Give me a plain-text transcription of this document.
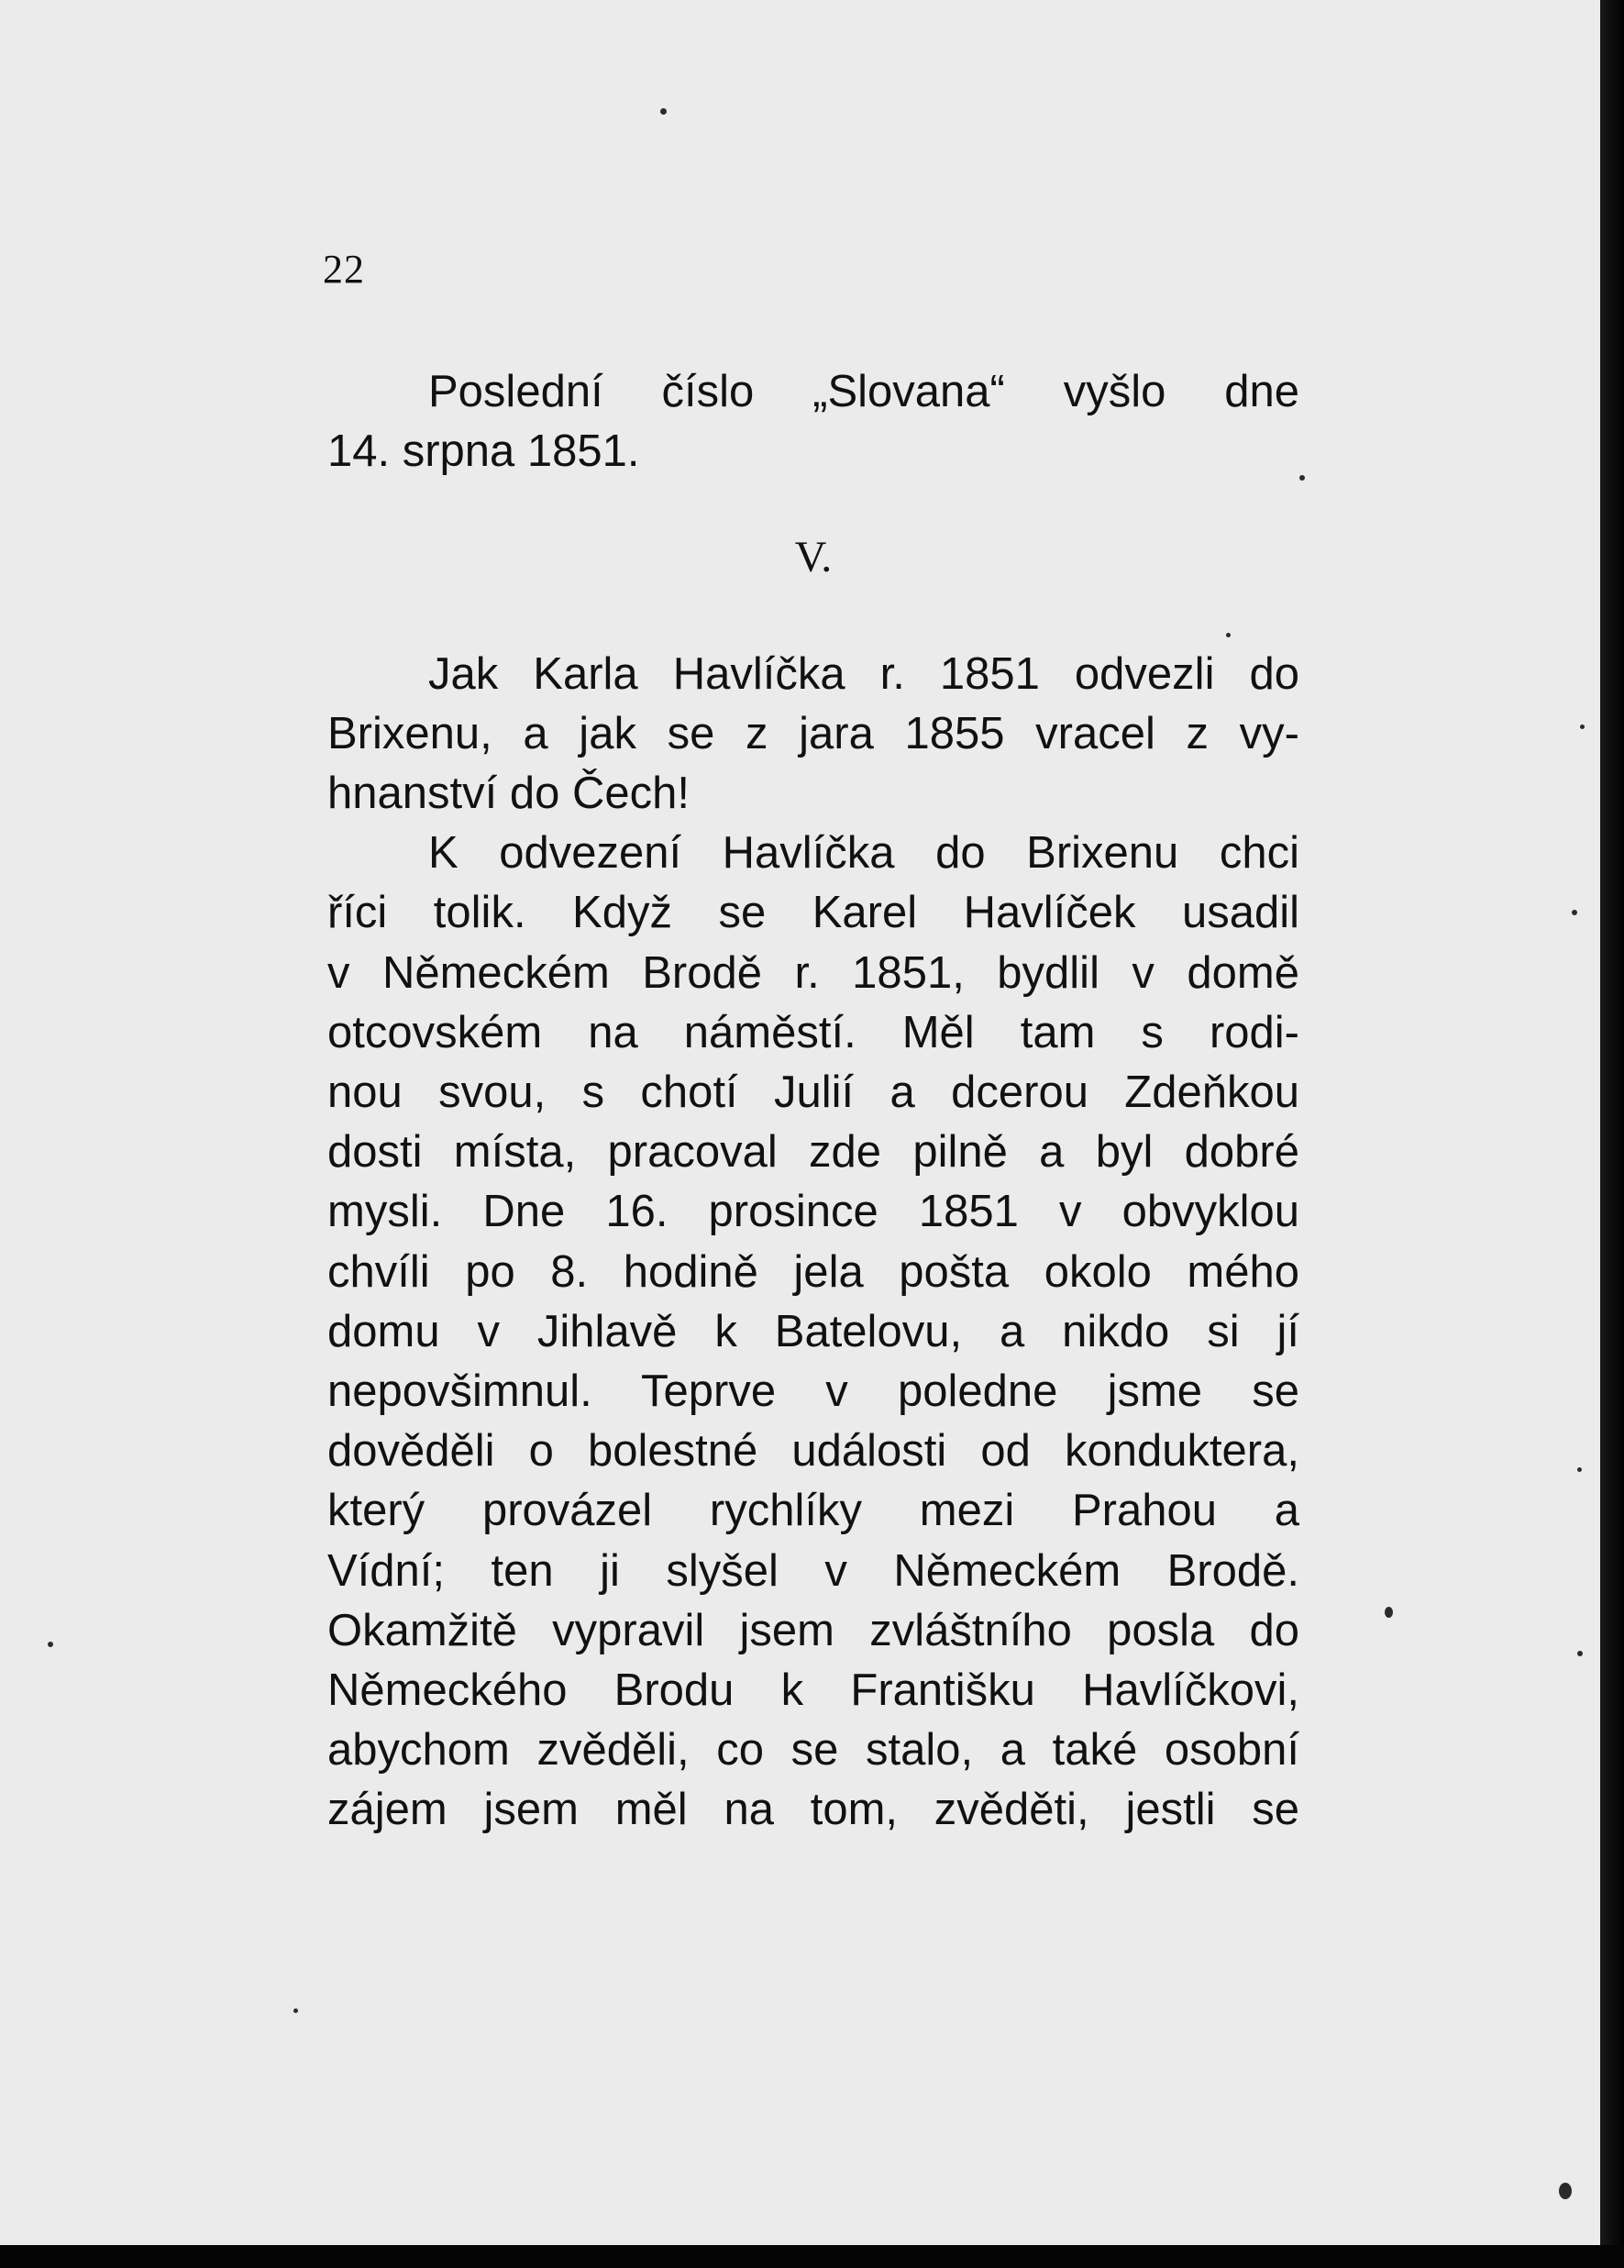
22
Poslední číslo „Slovana“ vyšlo dne
14. srpna 1851.
V.
Jak Karla Havlíčka r. 1851 odvezli do
Brixenu, a jak se z jara 1855 vracel z vy-
hnanství do Čech!
K odvezení Havlíčka do Brixenu chci
říci tolik. Když se Karel Havlíček usadil
v Německém Brodě r. 1851, bydlil v domě
otcovském na náměstí. Měl tam s rodi-
nou svou, s chotí Julií a dcerou Zdeňkou
dosti místa, pracoval zde pilně a byl dobré
mysli. Dne 16. prosince 1851 v obvyklou
chvíli po 8. hodině jela pošta okolo mého
domu v Jihlavě k Batelovu, a nikdo si jí
nepovšimnul. Teprve v poledne jsme se
dověděli o bolestné události od konduktera,
který provázel rychlíky mezi Prahou a
Vídní; ten ji slyšel v Německém Brodě.
Okamžitě vypravil jsem zvláštního posla do
Německého Brodu k Františku Havlíčkovi,
abychom zvěděli, co se stalo, a také osobní
zájem jsem měl na tom, zvěděti, jestli se
